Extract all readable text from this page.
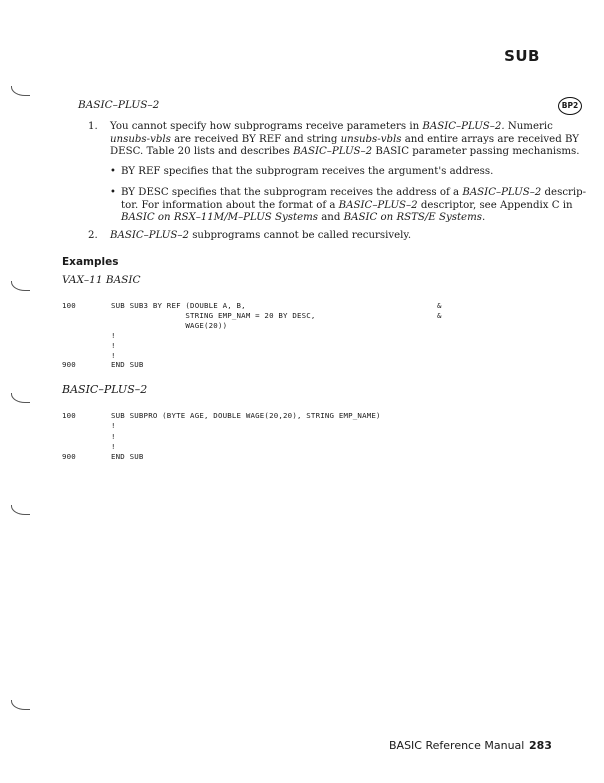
SUB
BP2
BASIC–PLUS–2
1. You cannot specify how subprograms receive parameters in BASIC–PLUS–2. Numeric
unsubs-vbls are received BY REF and string unsubs-vbls and entire arrays are received BY
DESC. Table 20 lists and describes BASIC–PLUS–2 BASIC parameter passing mechanisms.
• BY REF specifies that the subprogram receives the argument's address.
• BY DESC specifies that the subprogram receives the address of a BASIC–PLUS–2 descrip-
tor. For information about the format of a BASIC–PLUS–2 descriptor, see Appendix C in
BASIC on RSX–11M/M–PLUS Systems and BASIC on RSTS/E Systems.
2. BASIC–PLUS–2 subprograms cannot be called recursively.
Examples
VAX–11 BASIC
100	SUB SUB3 BY REF (DOUBLE A, B,	&
STRING EMP_NAM = 20 BY DESC,	&
WAGE(20))
!
!
!
900	END SUB
BASIC–PLUS–2
100	SUB SUBPRO (BYTE AGE, DOUBLE WAGE(20,20), STRING EMP_NAME)
!
!
!
900	END SUB
BASIC Reference Manual 283
